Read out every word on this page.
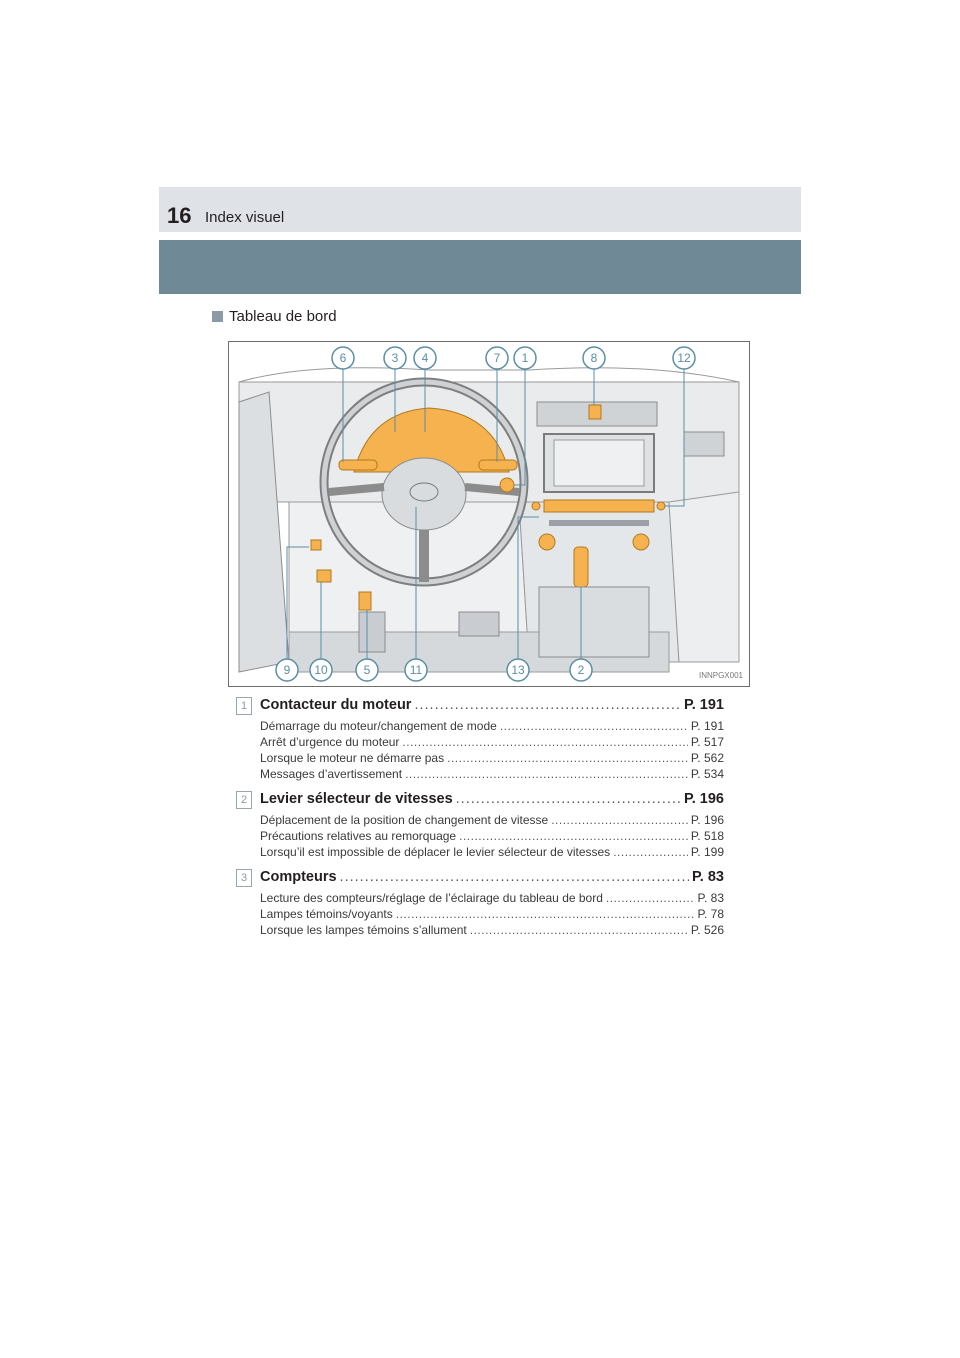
16 Index visuel
Tableau de bord
6	3 4	7 1	8	12
9 10	5	11	13	2	INNPGX001
1 Contacteur du moteur .....	P. 191
Démarrage du moteur/changement de mode .....	P. 191
Arrêt d’urgence du moteur .....	P. 517
Lorsque le moteur ne démarre pas .....	P. 562
Messages d’avertissement .....	P. 534
2 Levier sélecteur de vitesses .....	P. 196
Déplacement de la position de changement de vitesse .....	P. 196
Précautions relatives au remorquage .....	P. 518
Lorsqu’il est impossible de déplacer le levier sélecteur de vitesses .....	P. 199
3 Compteurs .....	P. 83
Lecture des compteurs/réglage de l’éclairage du tableau de bord .....	P. 83
Lampes témoins/voyants .....	P. 78
Lorsque les lampes témoins s’allument .....	P. 526
